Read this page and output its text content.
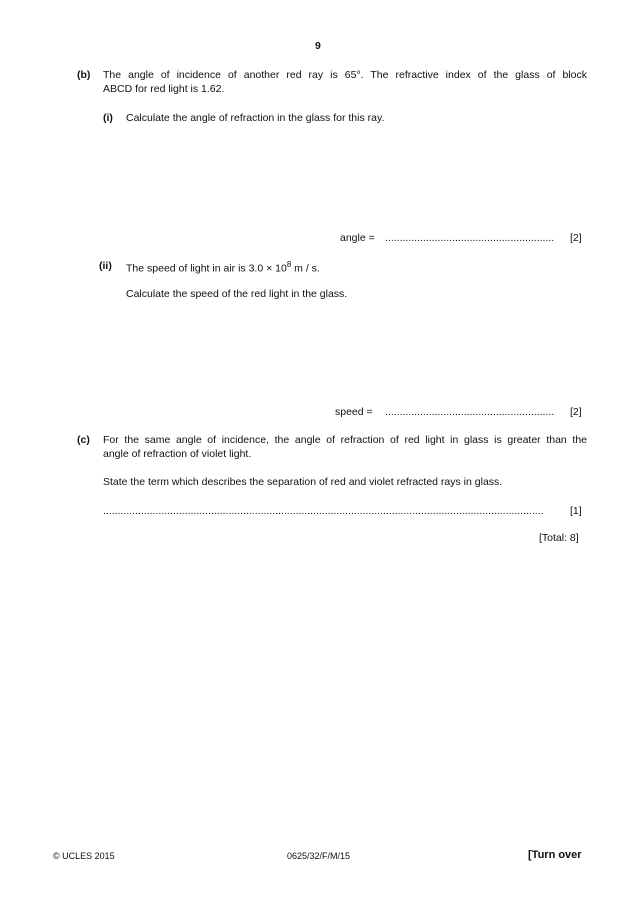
9
(b) The angle of incidence of another red ray is 65°. The refractive index of the glass of block
ABCD for red light is 1.62.
(i) Calculate the angle of refraction in the glass for this ray.
angle = ..........................................................	[2]
(ii) The speed of light in air is $3.0 \times 10^8$ m / s.
Calculate the speed of the red light in the glass.
speed = ..........................................................	[2]
(c) For the same angle of incidence, the angle of refraction of red light in glass is greater than the
angle of refraction of violet light.
State the term which describes the separation of red and violet refracted rays in glass.
.......................................................................................................................................................	[1]
[Total: 8]
© UCLES 2015	0625/32/F/M/15	[Turn over
